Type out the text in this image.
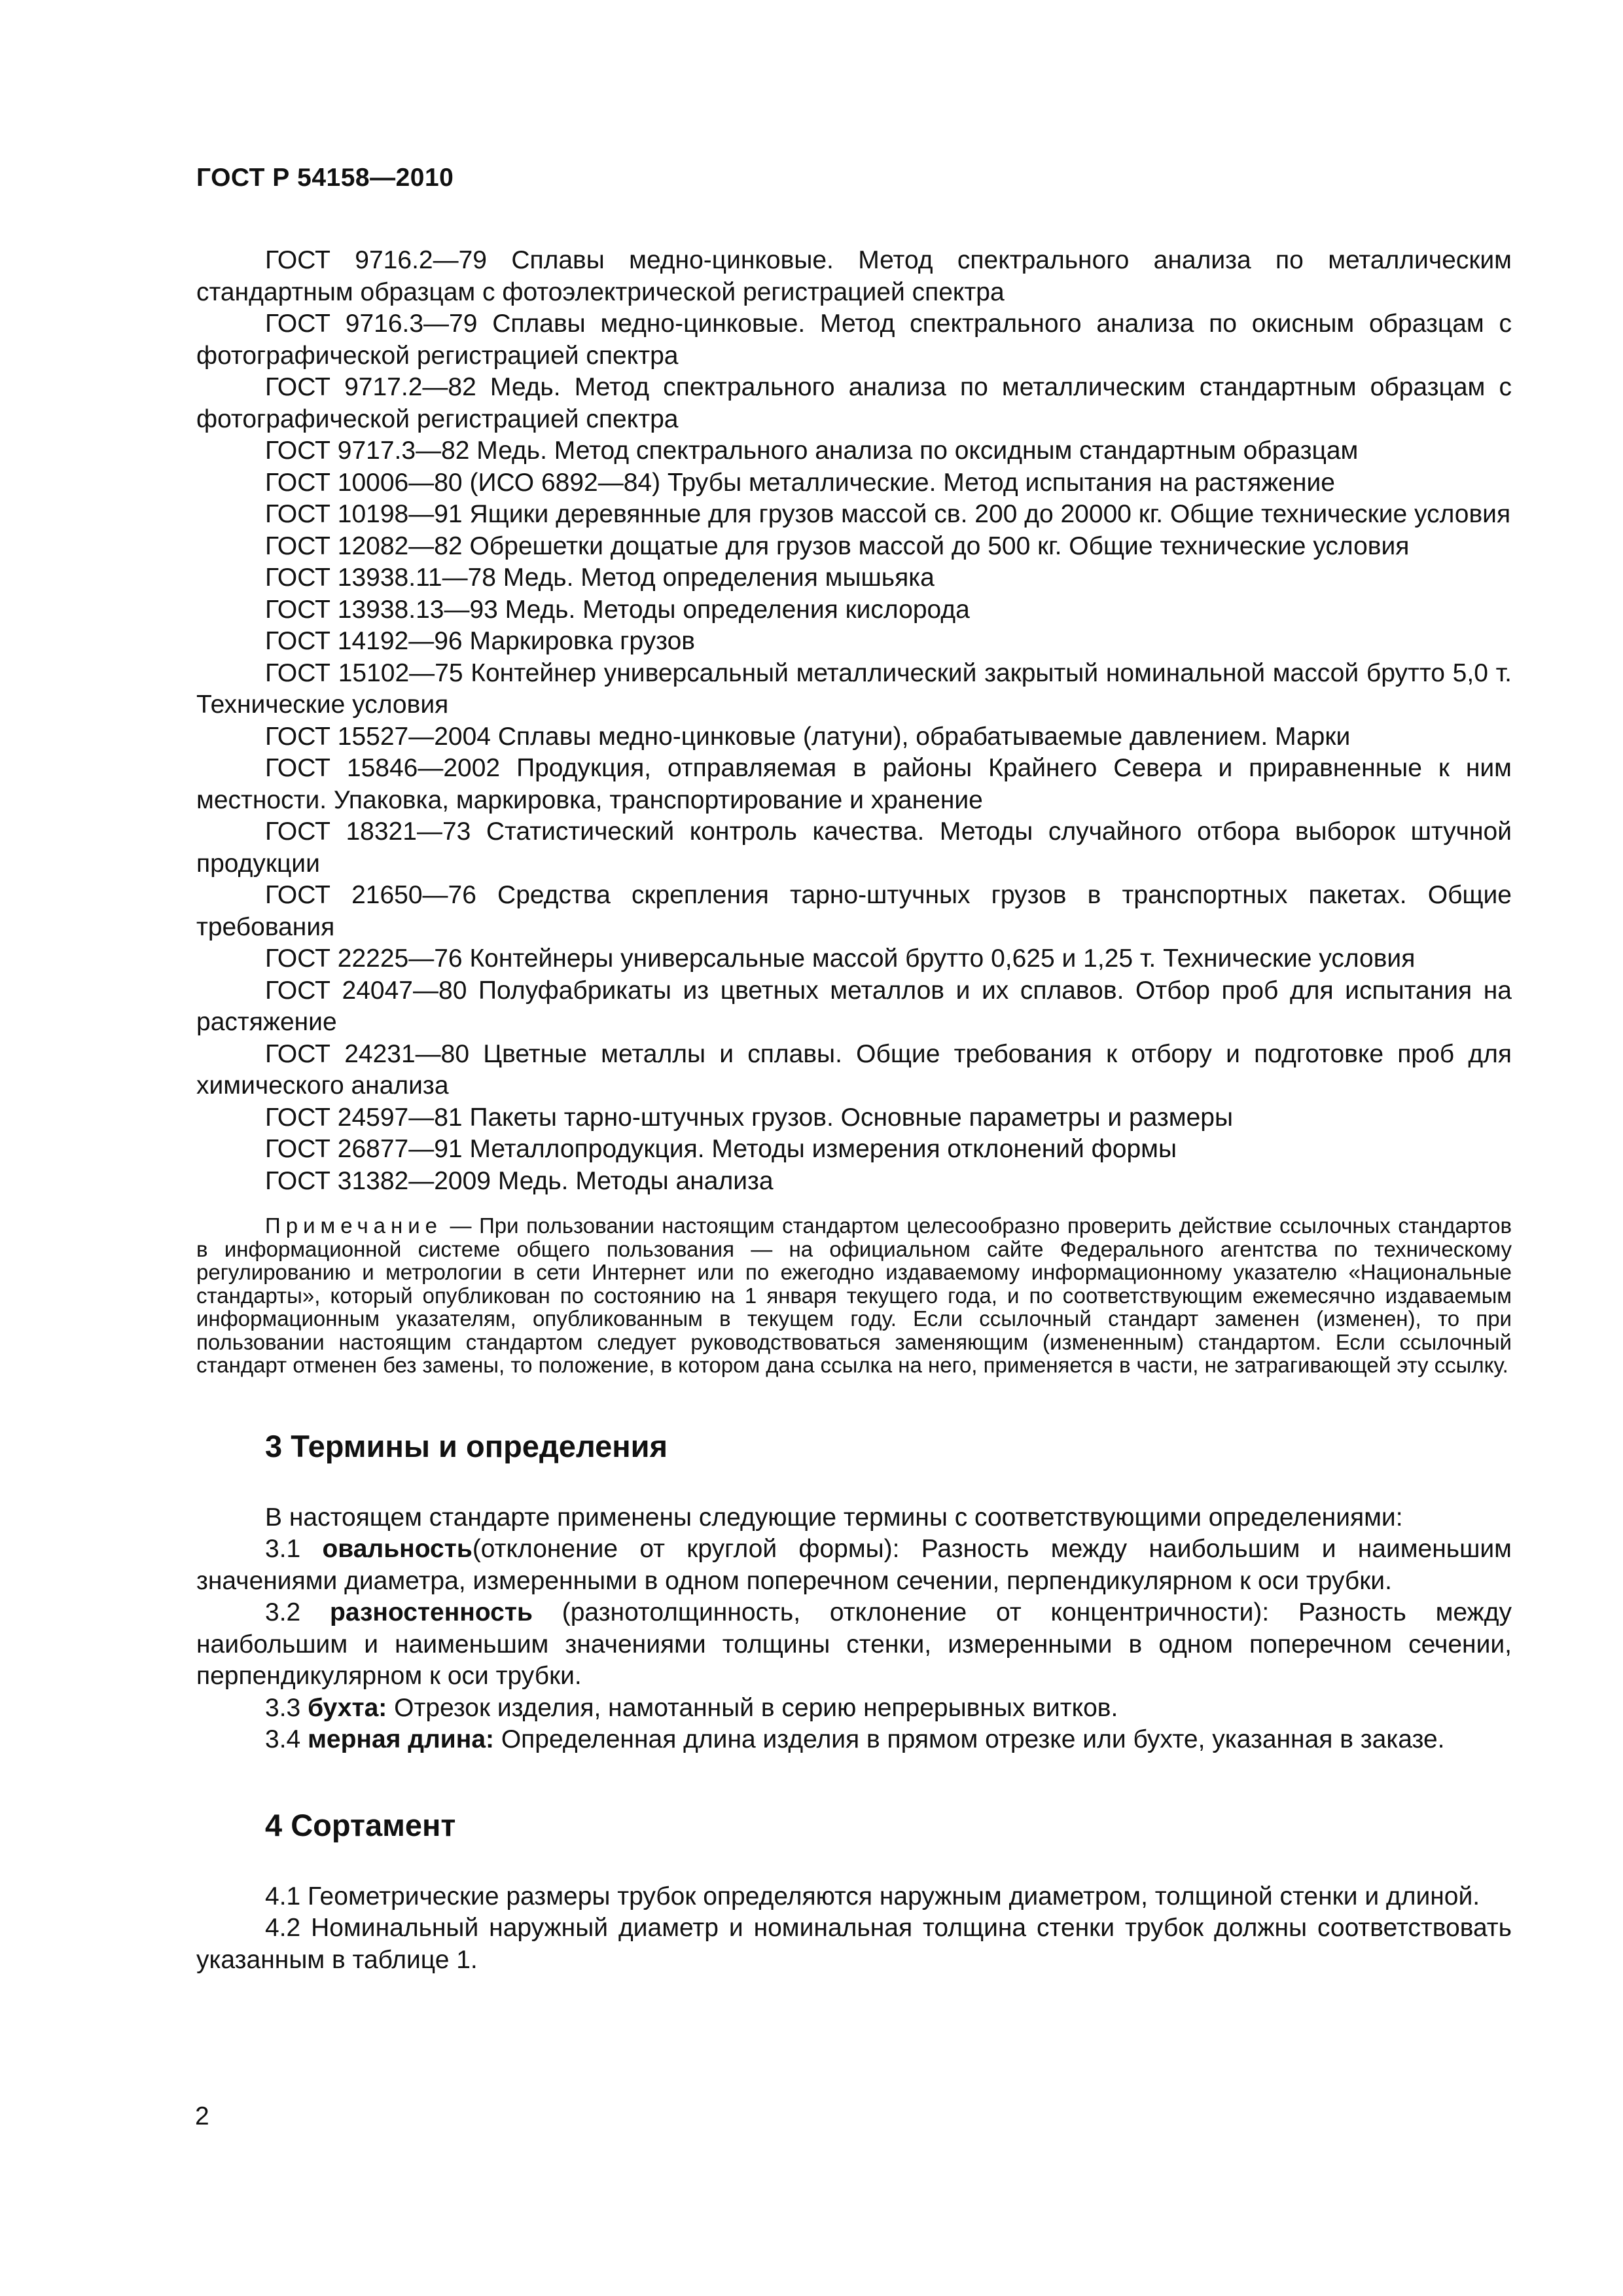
ГОСТ Р 54158—2010

ГОСТ 9716.2—79 Сплавы медно-цинковые. Метод спектрального анализа по металлическим стандартным образцам с фотоэлектрической регистрацией спектра

ГОСТ 9716.3—79 Сплавы медно-цинковые. Метод спектрального анализа по окисным образцам с фотографической регистрацией спектра

ГОСТ 9717.2—82 Медь. Метод спектрального анализа по металлическим стандартным образцам с фотографической регистрацией спектра

ГОСТ 9717.3—82 Медь. Метод спектрального анализа по оксидным стандартным образцам

ГОСТ 10006—80 (ИСО 6892—84) Трубы металлические. Метод испытания на растяжение

ГОСТ 10198—91 Ящики деревянные для грузов массой св. 200 до 20000 кг. Общие технические условия

ГОСТ 12082—82 Обрешетки дощатые для грузов массой до 500 кг. Общие технические условия

ГОСТ 13938.11—78 Медь. Метод определения мышьяка

ГОСТ 13938.13—93 Медь. Методы определения кислорода

ГОСТ 14192—96 Маркировка грузов

ГОСТ 15102—75 Контейнер универсальный металлический закрытый номинальной массой брутто 5,0 т. Технические условия

ГОСТ 15527—2004 Сплавы медно-цинковые (латуни), обрабатываемые давлением. Марки

ГОСТ 15846—2002 Продукция, отправляемая в районы Крайнего Севера и приравненные к ним местности. Упаковка, маркировка, транспортирование и хранение

ГОСТ 18321—73 Статистический контроль качества. Методы случайного отбора выборок штучной продукции

ГОСТ 21650—76 Средства скрепления тарно-штучных грузов в транспортных пакетах. Общие требования

ГОСТ 22225—76 Контейнеры универсальные массой брутто 0,625 и 1,25 т. Технические условия

ГОСТ 24047—80 Полуфабрикаты из цветных металлов и их сплавов. Отбор проб для испытания на растяжение

ГОСТ 24231—80 Цветные металлы и сплавы. Общие требования к отбору и подготовке проб для химического анализа

ГОСТ 24597—81 Пакеты тарно-штучных грузов. Основные параметры и размеры

ГОСТ 26877—91 Металлопродукция. Методы измерения отклонений формы

ГОСТ 31382—2009 Медь. Методы анализа

Примечание — При пользовании настоящим стандартом целесообразно проверить действие ссылочных стандартов в информационной системе общего пользования — на официальном сайте Федерального агентства по техническому регулированию и метрологии в сети Интернет или по ежегодно издаваемому информационному указателю «Национальные стандарты», который опубликован по состоянию на 1 января текущего года, и по соответствующим ежемесячно издаваемым информационным указателям, опубликованным в текущем году. Если ссылочный стандарт заменен (изменен), то при пользовании настоящим стандартом следует руководствоваться заменяющим (измененным) стандартом. Если ссылочный стандарт отменен без замены, то положение, в котором дана ссылка на него, применяется в части, не затрагивающей эту ссылку.

3 Термины и определения

В настоящем стандарте применены следующие термины с соответствующими определениями:

3.1 овальность(отклонение от круглой формы): Разность между наибольшим и наименьшим значениями диаметра, измеренными в одном поперечном сечении, перпендикулярном к оси трубки.

3.2 разностенность (разнотолщинность, отклонение от концентричности): Разность между наибольшим и наименьшим значениями толщины стенки, измеренными в одном поперечном сечении, перпендикулярном к оси трубки.

3.3 бухта: Отрезок изделия, намотанный в серию непрерывных витков.

3.4 мерная длина: Определенная длина изделия в прямом отрезке или бухте, указанная в заказе.

4 Сортамент

4.1 Геометрические размеры трубок определяются наружным диаметром, толщиной стенки и длиной.

4.2 Номинальный наружный диаметр и номинальная толщина стенки трубок должны соответствовать указанным в таблице 1.

2
